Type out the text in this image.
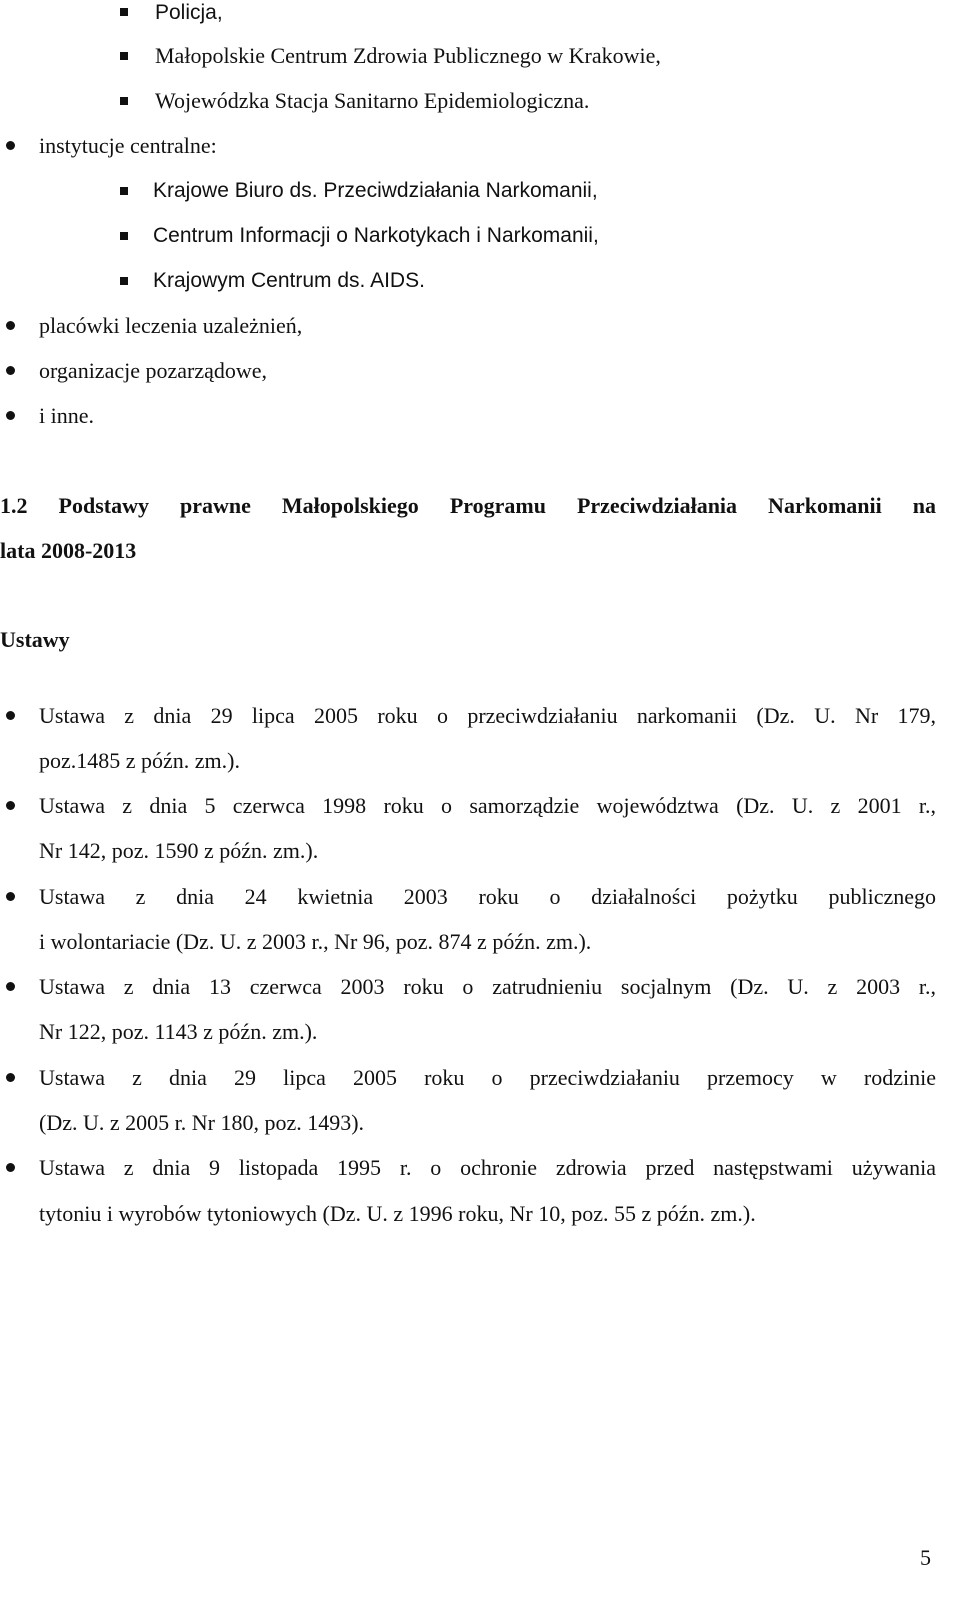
Policja,
Małopolskie Centrum Zdrowia Publicznego w Krakowie,
Wojewódzka Stacja Sanitarno Epidemiologiczna.
instytucje centralne:
Krajowe Biuro ds. Przeciwdziałania Narkomanii,
Centrum Informacji o Narkotykach i Narkomanii,
Krajowym Centrum ds. AIDS.
placówki leczenia uzależnień,
organizacje pozarządowe,
i inne.
1.2 Podstawy prawne Małopolskiego Programu Przeciwdziałania Narkomanii na
lata 2008-2013
Ustawy
Ustawa z dnia 29 lipca 2005 roku o przeciwdziałaniu narkomanii (Dz. U. Nr 179,
poz.1485 z późn. zm.).
Ustawa z dnia 5 czerwca 1998 roku o samorządzie województwa (Dz. U. z 2001 r.,
Nr 142, poz. 1590 z późn. zm.).
Ustawa z dnia 24 kwietnia 2003 roku o działalności pożytku publicznego
i wolontariacie (Dz. U. z 2003 r., Nr 96, poz. 874 z późn. zm.).
Ustawa z dnia 13 czerwca 2003 roku o zatrudnieniu socjalnym (Dz. U. z 2003 r.,
Nr 122, poz. 1143 z późn. zm.).
Ustawa z dnia 29 lipca 2005 roku o przeciwdziałaniu przemocy w rodzinie
(Dz. U. z 2005 r. Nr 180, poz. 1493).
Ustawa z dnia 9 listopada 1995 r. o ochronie zdrowia przed następstwami używania
tytoniu i wyrobów tytoniowych (Dz. U. z 1996 roku, Nr 10, poz. 55 z późn. zm.).
5
